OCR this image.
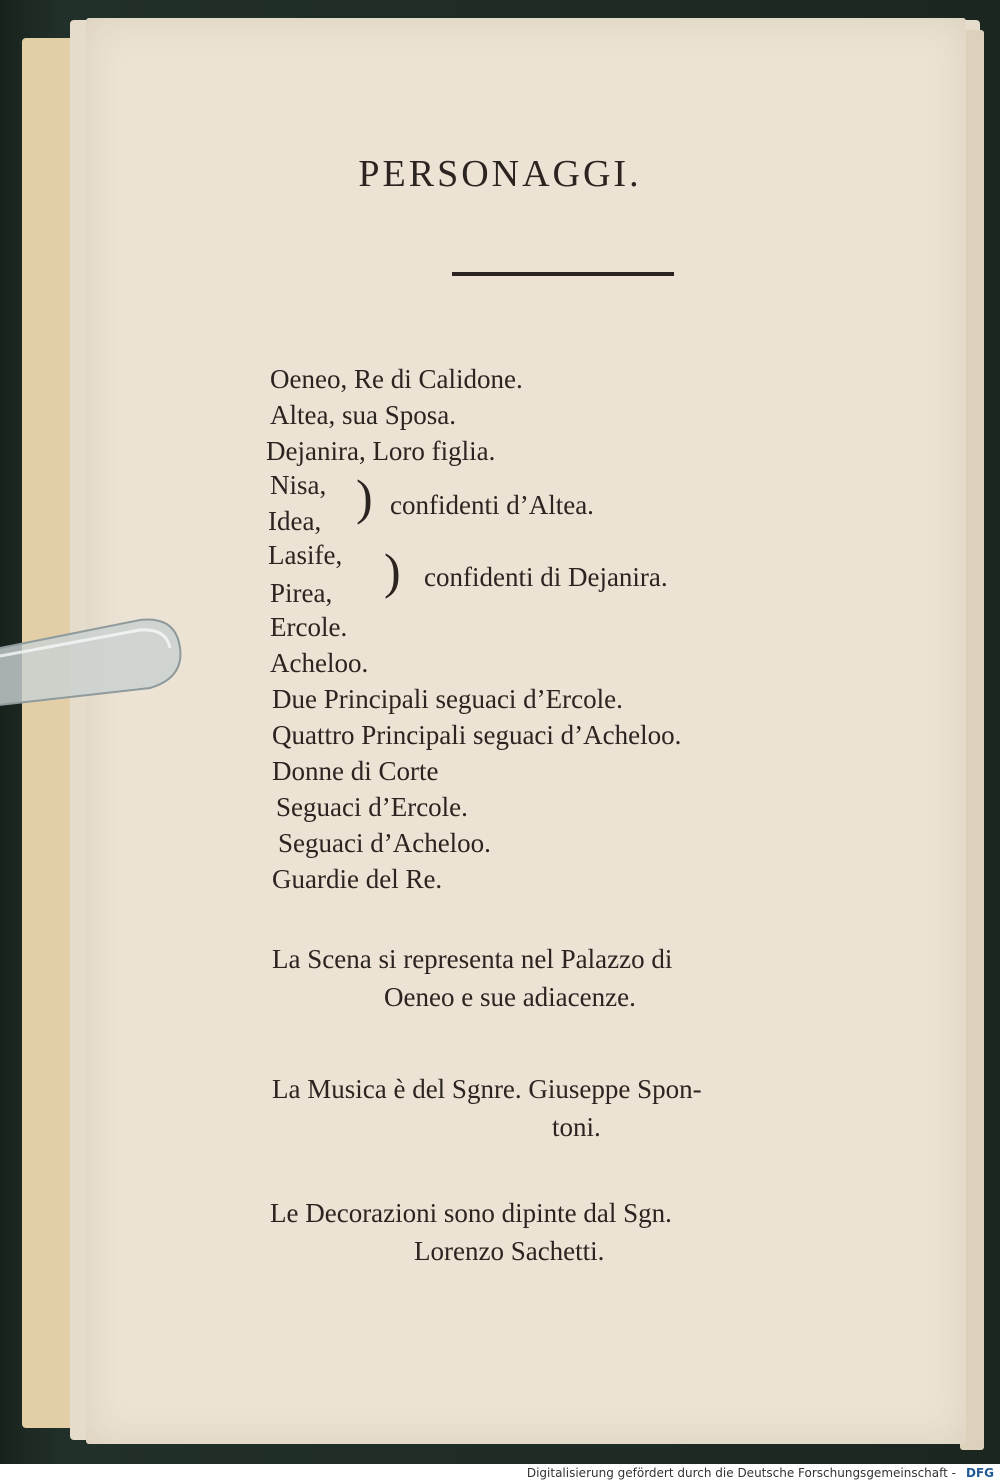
PERSONAGGI.

Oeneo, Re di Calidone.

Altea, sua Sposa.

Dejanira, Loro figlia.

Nisa,

Idea, ) confidenti d’Altea.

Lasife,

Pirea, ) confidenti di Dejanira.

Ercole.

Acheloo.

Due Principali seguaci d’Ercole.

Quattro Principali seguaci d’Acheloo.

Donne di Corte

Seguaci d’Ercole.

Seguaci d’Acheloo.

Guardie del Re.

La Scena si representa nel Palazzo di

Oeneo e sue adiacenze.

La Musica è del Sgnre. Giuseppe Spon-

toni.

Le Decorazioni sono dipinte dal Sgn.

Lorenzo Sachetti.

Digitalisierung gefördert durch die Deutsche Forschungsgemeinschaft - DFG
